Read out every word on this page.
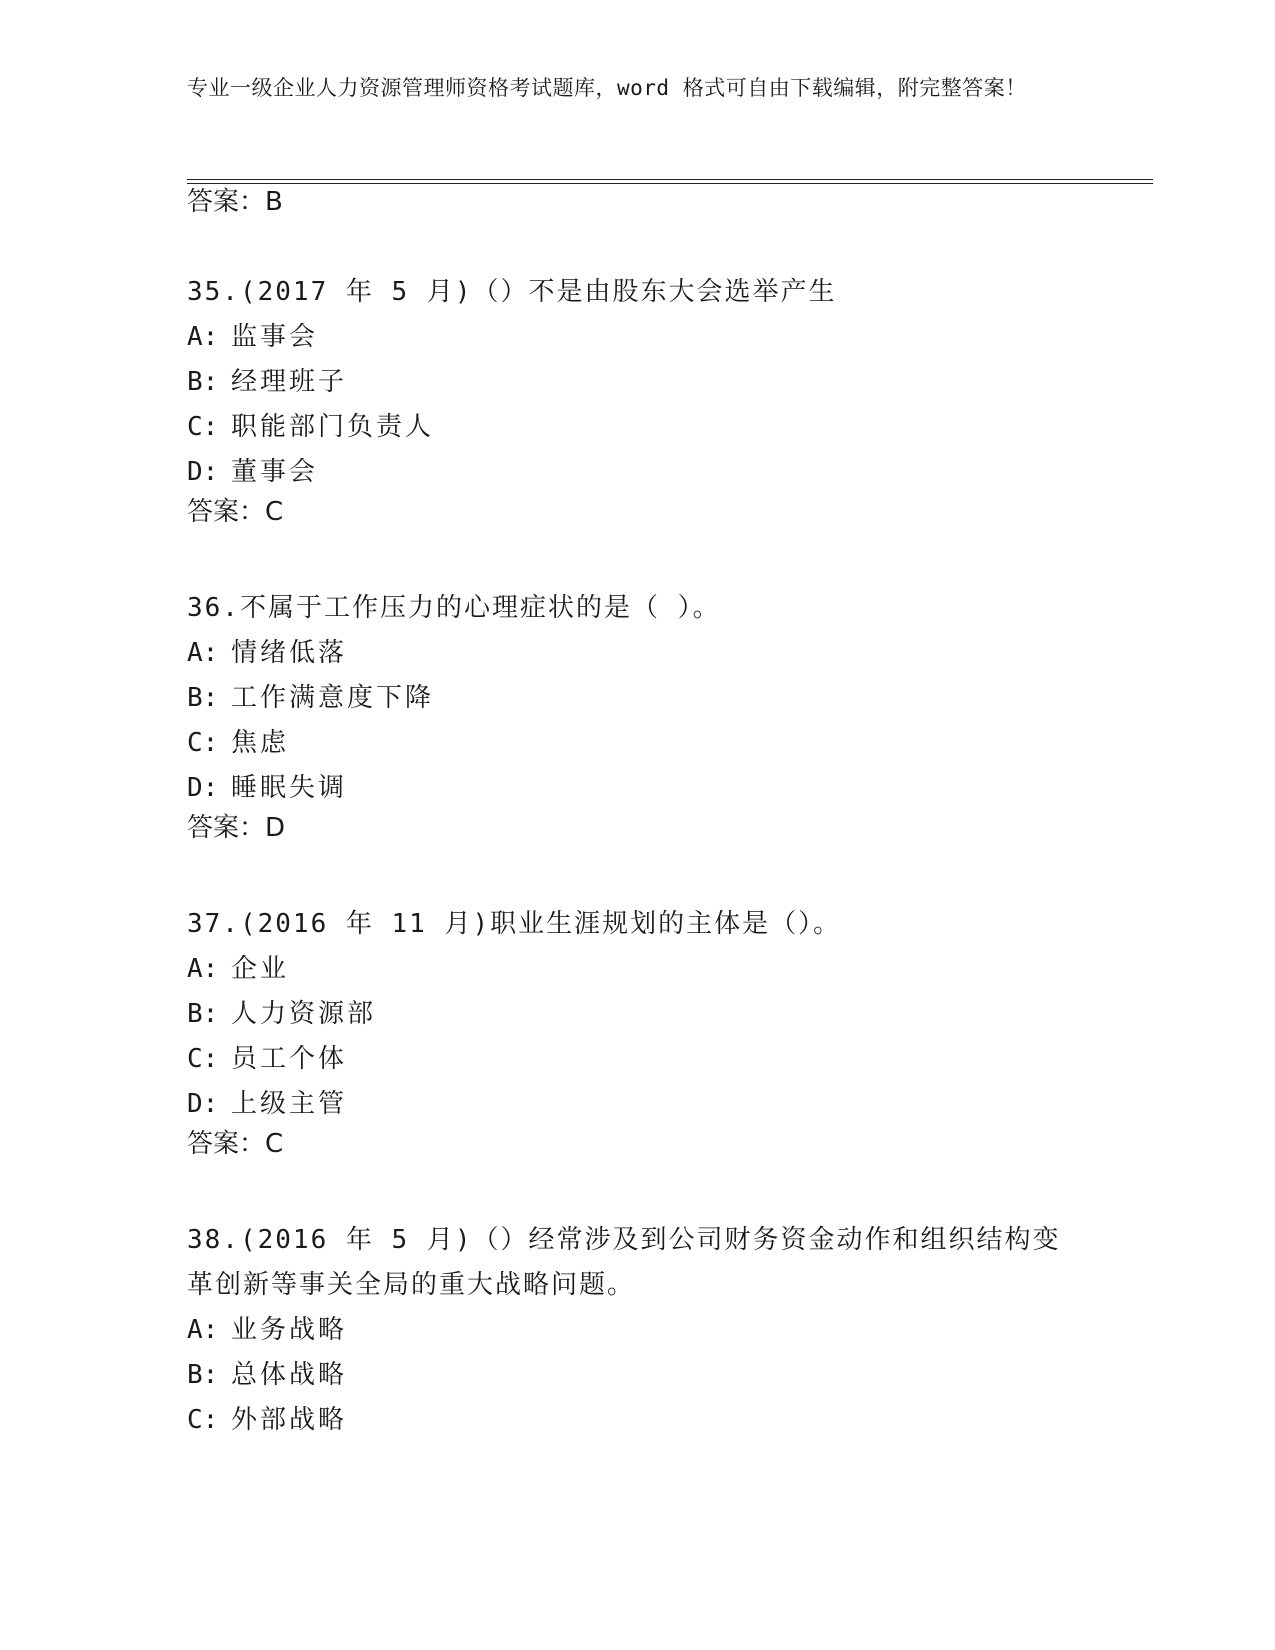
专业一级企业人力资源管理师资格考试题库，word 格式可自由下载编辑，附完整答案！

答案：B

35.(2017 年 5 月)（）不是由股东大会选举产生

A: 监事会

B: 经理班子

C: 职能部门负责人

D: 董事会

答案：C

36.不属于工作压力的心理症状的是（ ）。

A: 情绪低落

B: 工作满意度下降

C: 焦虑

D: 睡眠失调

答案：D

37.(2016 年 11 月)职业生涯规划的主体是（）。

A: 企业

B: 人力资源部

C: 员工个体

D: 上级主管

答案：C

38.(2016 年 5 月)（）经常涉及到公司财务资金动作和组织结构变革创新等事关全局的重大战略问题。

A: 业务战略

B: 总体战略

C: 外部战略
